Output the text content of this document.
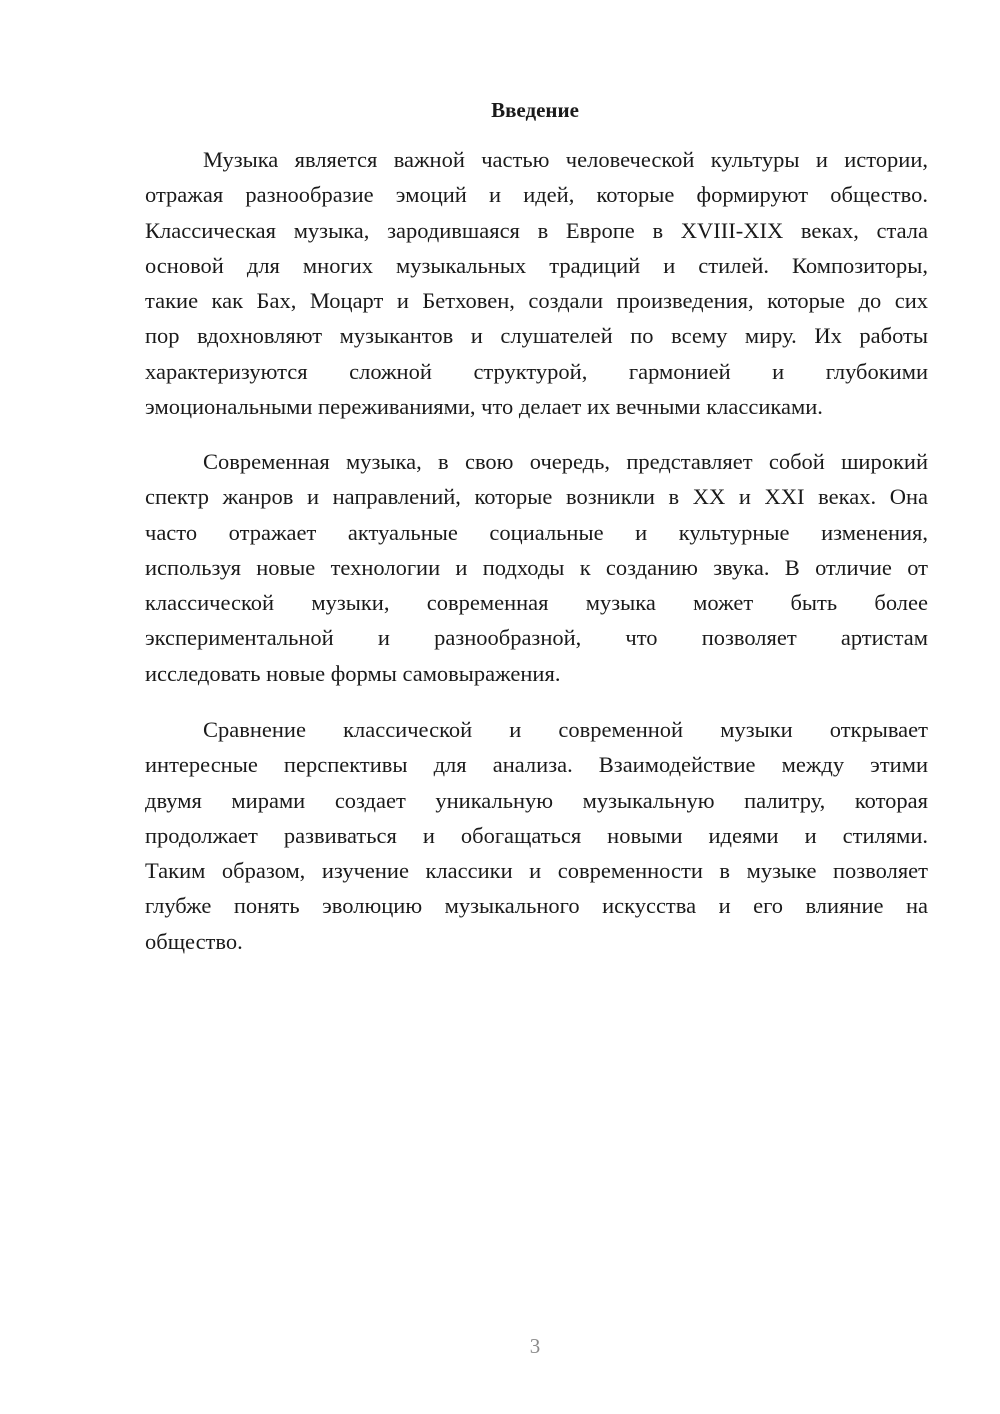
Введение
Музыка является важной частью человеческой культуры и истории,
отражая разнообразие эмоций и идей, которые формируют общество.
Классическая музыка, зародившаяся в Европе в XVIII-XIX веках, стала
основой для многих музыкальных традиций и стилей. Композиторы,
такие как Бах, Моцарт и Бетховен, создали произведения, которые до сих
пор вдохновляют музыкантов и слушателей по всему миру. Их работы
характеризуются сложной структурой, гармонией и глубокими
эмоциональными переживаниями, что делает их вечными классиками.
Современная музыка, в свою очередь, представляет собой широкий
спектр жанров и направлений, которые возникли в XX и XXI веках. Она
часто отражает актуальные социальные и культурные изменения,
используя новые технологии и подходы к созданию звука. В отличие от
классической музыки, современная музыка может быть более
экспериментальной и разнообразной, что позволяет артистам
исследовать новые формы самовыражения.
Сравнение классической и современной музыки открывает
интересные перспективы для анализа. Взаимодействие между этими
двумя мирами создает уникальную музыкальную палитру, которая
продолжает развиваться и обогащаться новыми идеями и стилями.
Таким образом, изучение классики и современности в музыке позволяет
глубже понять эволюцию музыкального искусства и его влияние на
общество.
3
